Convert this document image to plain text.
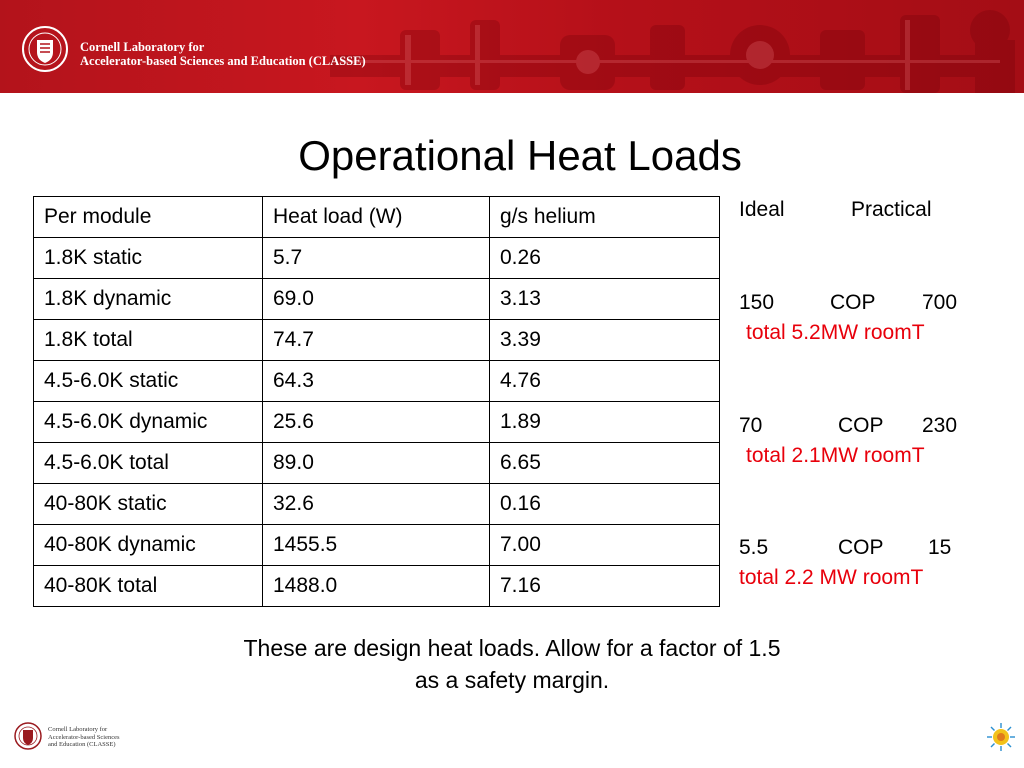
Cornell Laboratory for
Accelerator-based Sciences and Education (CLASSE)
Operational Heat Loads
Per module	Heat load (W)	g/s helium
1.8K static	5.7	0.26
1.8K dynamic	69.0	3.13
1.8K total	74.7	3.39
4.5-6.0K static	64.3	4.76
4.5-6.0K dynamic	25.6	1.89
4.5-6.0K total	89.0	6.65
40-80K static	32.6	0.16
40-80K dynamic	1455.5	7.00
40-80K total	1488.0	7.16
Ideal	Practical
150	COP 700
total 5.2MW roomT
70	COP 230
total 2.1MW roomT
5.5	COP 15
total 2.2 MW roomT
These are design heat loads. Allow for a factor of 1.5
as a safety margin.
Cornell Laboratory for
Accelerator-based Sciences
and Education (CLASSE)
